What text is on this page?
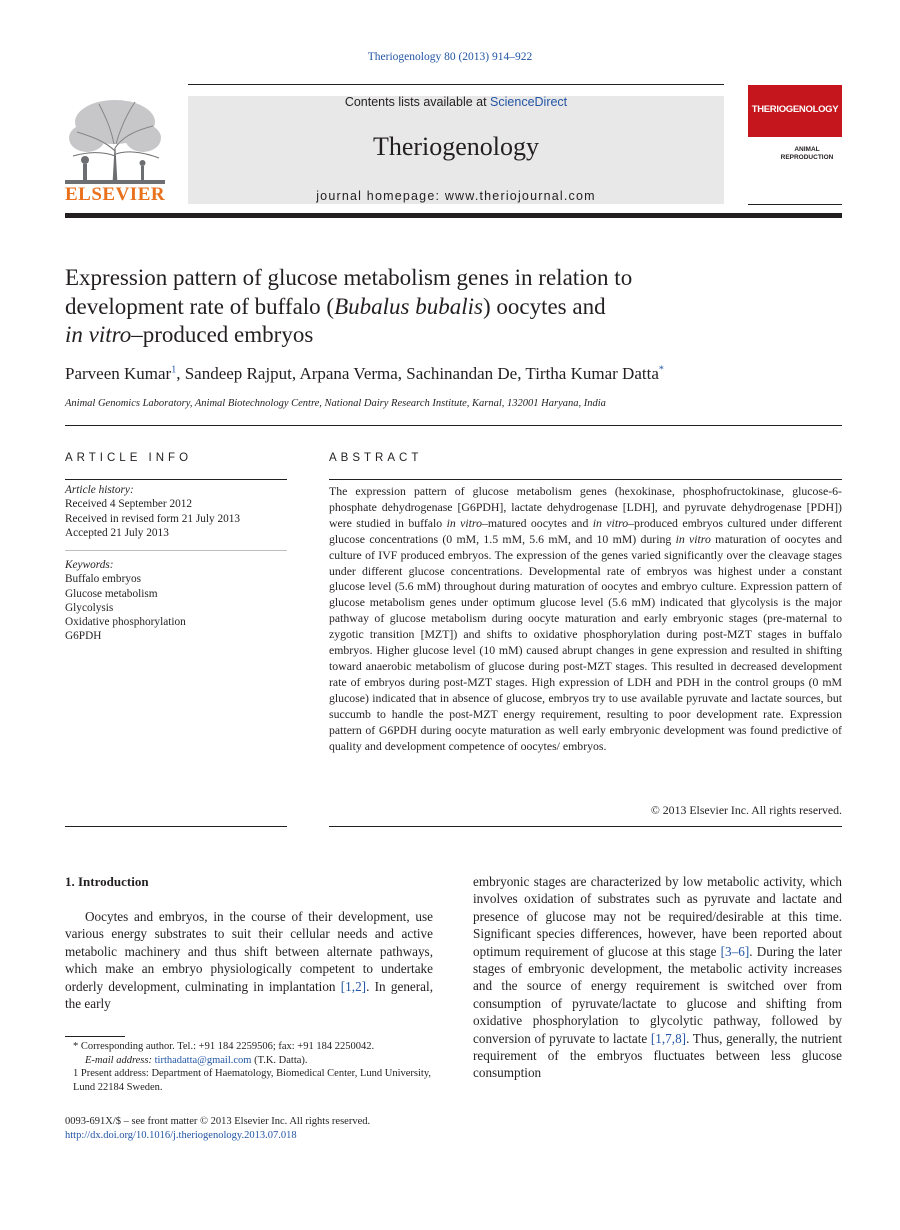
Theriogenology 80 (2013) 914–922
ELSEVIER
Contents lists available at ScienceDirect
Theriogenology
journal homepage: www.theriojournal.com
THERIOGENOLOGY
ANIMAL
REPRODUCTION
Expression pattern of glucose metabolism genes in relation to
development rate of buffalo (Bubalus bubalis) oocytes and
in vitro–produced embryos
Parveen Kumar$^1$, Sandeep Rajput, Arpana Verma, Sachinandan De, Tirtha Kumar Datta*
Animal Genomics Laboratory, Animal Biotechnology Centre, National Dairy Research Institute, Karnal, 132001 Haryana, India
ARTICLE INFO
Article history:
Received 4 September 2012
Received in revised form 21 July 2013
Accepted 21 July 2013
Keywords:
Buffalo embryos
Glucose metabolism
Glycolysis
Oxidative phosphorylation
G6PDH
ABSTRACT
The expression pattern of glucose metabolism genes (hexokinase, phosphofructokinase, glucose-6-phosphate dehydrogenase [G6PDH], lactate dehydrogenase [LDH], and pyruvate dehydrogenase [PDH]) were studied in buffalo in vitro–matured oocytes and in vitro–produced embryos cultured under different glucose concentrations (0 mM, 1.5 mM, 5.6 mM, and 10 mM) during in vitro maturation of oocytes and culture of IVF produced embryos. The expression of the genes varied significantly over the cleavage stages under different glucose concentrations. Developmental rate of embryos was highest under a constant glucose level (5.6 mM) throughout during maturation of oocytes and embryo culture. Expression pattern of glucose metabolism genes under optimum glucose level (5.6 mM) indicated that glycolysis is the major pathway of glucose metabolism during oocyte maturation and early embryonic stages (pre-maternal to zygotic transition [MZT]) and shifts to oxidative phosphorylation during post-MZT stages in buffalo embryos. Higher glucose level (10 mM) caused abrupt changes in gene expression and resulted in shifting toward anaerobic metabolism of glucose during post-MZT stages. This resulted in decreased development rate of embryos during post-MZT stages. High expression of LDH and PDH in the control groups (0 mM glucose) indicated that in absence of glucose, embryos try to use available pyruvate and lactate sources, but succumb to handle the post-MZT energy requirement, resulting to poor development rate. Expression pattern of G6PDH during oocyte maturation as well early embryonic development was found predictive of quality and development competence of oocytes/ embryos.
© 2013 Elsevier Inc. All rights reserved.
1. Introduction
Oocytes and embryos, in the course of their development, use various energy substrates to suit their cellular needs and active metabolic machinery and thus shift between alternate pathways, which make an embryo physiologically competent to undertake orderly development, culminating in implantation [1,2]. In general, the early
embryonic stages are characterized by low metabolic activity, which involves oxidation of substrates such as pyruvate and lactate and presence of glucose may not be required/desirable at this time. Significant species differences, however, have been reported about optimum requirement of glucose at this stage [3–6]. During the later stages of embryonic development, the metabolic activity increases and the source of energy requirement is switched over from consumption of pyruvate/lactate to glucose and shifting from oxidative phosphorylation to glycolytic pathway, followed by conversion of pyruvate to lactate [1,7,8]. Thus, generally, the nutrient requirement of the embryos fluctuates between less glucose consumption
* Corresponding author. Tel.: +91 184 2259506; fax: +91 184 2250042.
E-mail address: tirthadatta@gmail.com (T.K. Datta).
1 Present address: Department of Haematology, Biomedical Center, Lund University, Lund 22184 Sweden.
0093-691X/$ – see front matter © 2013 Elsevier Inc. All rights reserved.
http://dx.doi.org/10.1016/j.theriogenology.2013.07.018
